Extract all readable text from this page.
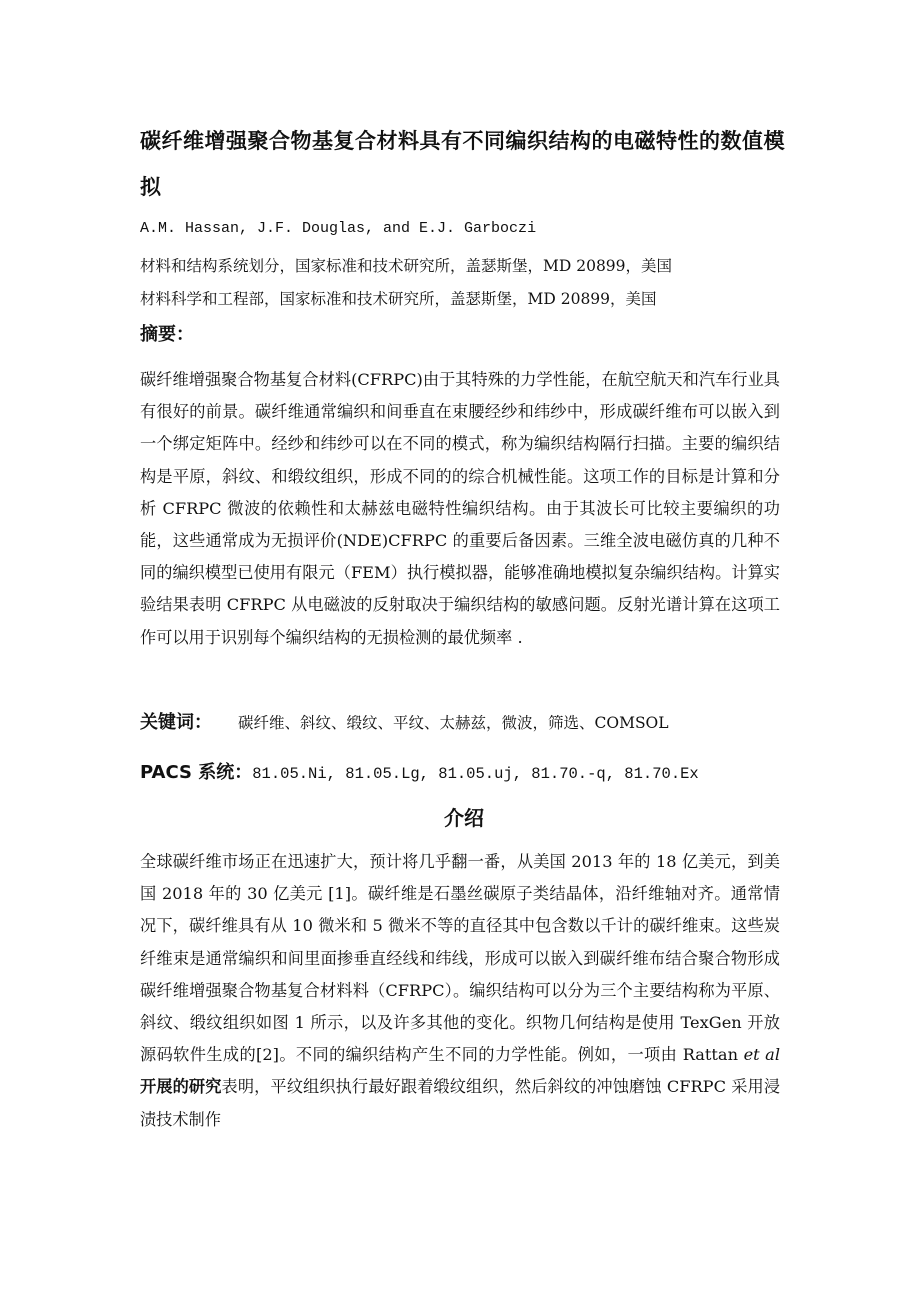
碳纤维增强聚合物基复合材料具有不同编织结构的电磁特性的数值模拟
A.M. Hassan, J.F. Douglas, and E.J. Garboczi
材料和结构系统划分，国家标准和技术研究所，盖瑟斯堡，MD 20899，美国
材料科学和工程部，国家标准和技术研究所，盖瑟斯堡，MD 20899，美国
摘要：
碳纤维增强聚合物基复合材料(CFRPC)由于其特殊的力学性能，在航空航天和汽车行业具有很好的前景。碳纤维通常编织和间垂直在束腰经纱和纬纱中，形成碳纤维布可以嵌入到一个绑定矩阵中。经纱和纬纱可以在不同的模式，称为编织结构隔行扫描。主要的编织结构是平原，斜纹、和缎纹组织，形成不同的的综合机械性能。这项工作的目标是计算和分析 CFRPC 微波的依赖性和太赫兹电磁特性编织结构。由于其波长可比较主要编织的功能，这些通常成为无损评价(NDE)CFRPC 的重要后备因素。三维全波电磁仿真的几种不同的编织模型已使用有限元（FEM）执行模拟器，能够准确地模拟复杂编织结构。计算实验结果表明 CFRPC 从电磁波的反射取决于编织结构的敏感问题。反射光谱计算在这项工作可以用于识别每个编织结构的无损检测的最优频率 .
关键词： 碳纤维、斜纹、缎纹、平纹、太赫兹，微波，筛选、COMSOL
PACS 系统：81.05.Ni, 81.05.Lg, 81.05.uj, 81.70.-q, 81.70.Ex
介绍
全球碳纤维市场正在迅速扩大，预计将几乎翻一番，从美国 2013 年的 18 亿美元，到美国 2018 年的 30 亿美元 [1]。碳纤维是石墨丝碳原子类结晶体，沿纤维轴对齐。通常情况下，碳纤维具有从 10 微米和 5 微米不等的直径其中包含数以千计的碳纤维束。这些炭纤维束是通常编织和间里面掺垂直经线和纬线，形成可以嵌入到碳纤维布结合聚合物形成碳纤维增强聚合物基复合材料料（CFRPC）。编织结构可以分为三个主要结构称为平原、斜纹、缎纹组织如图 1 所示，以及许多其他的变化。织物几何结构是使用 TexGen 开放源码软件生成的[2]。不同的编织结构产生不同的力学性能。例如，一项由 Rattan et al 开展的研究表明，平纹组织执行最好跟着缎纹组织，然后斜纹的冲蚀磨蚀 CFRPC 采用浸渍技术制作
